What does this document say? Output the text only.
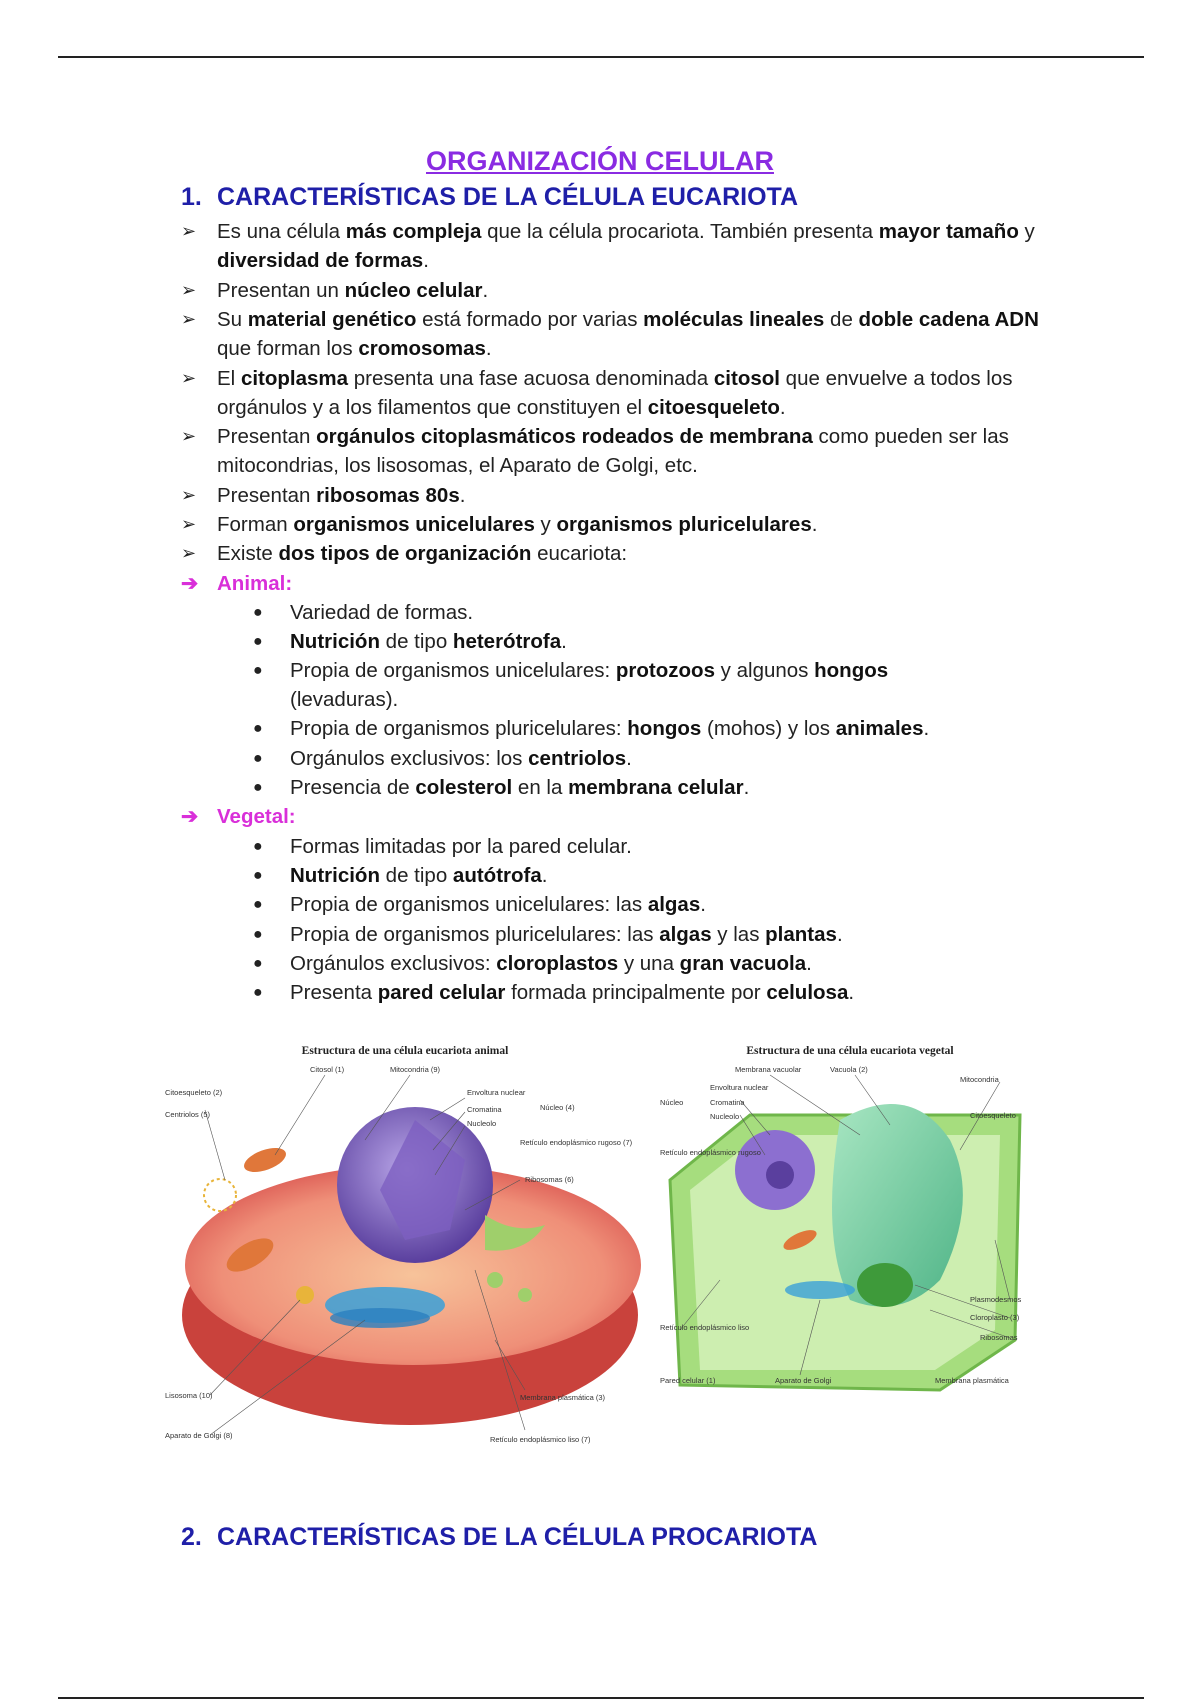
ORGANIZACIÓN CELULAR
1. CARACTERÍSTICAS DE LA CÉLULA EUCARIOTA
➢	Es una célula más compleja que la célula procariota. También presenta mayor tamaño y diversidad de formas.
➢	Presentan un núcleo celular.
➢	Su material genético está formado por varias moléculas lineales de doble cadena ADN que forman los cromosomas.
➢	El citoplasma presenta una fase acuosa denominada citosol que envuelve a todos los orgánulos y a los filamentos que constituyen el citoesqueleto.
➢	Presentan orgánulos citoplasmáticos rodeados de membrana como pueden ser las mitocondrias, los lisosomas, el Aparato de Golgi, etc.
➢	Presentan ribosomas 80s.
➢	Forman organismos unicelulares y organismos pluricelulares.
➢	Existe dos tipos de organización eucariota:
➔ Animal:
● Variedad de formas.
● Nutrición de tipo heterótrofa.
● Propia de organismos unicelulares: protozoos y algunos hongos (levaduras).
● Propia de organismos pluricelulares: hongos (mohos) y los animales.
● Orgánulos exclusivos: los centriolos.
● Presencia de colesterol en la membrana celular.
➔ Vegetal:
● Formas limitadas por la pared celular.
● Nutrición de tipo autótrofa.
● Propia de organismos unicelulares: las algas.
● Propia de organismos pluricelulares: las algas y las plantas.
● Orgánulos exclusivos: cloroplastos y una gran vacuola.
● Presenta pared celular formada principalmente por celulosa.
Estructura de una célula eucariota animal
Citosol (1)	Mitocondria (9)
Citoesqueleto (2)
Centriolos (5)
Envoltura nuclear
Cromatina
Nucleolo
Núcleo (4)
Retículo endoplásmico rugoso (7)
Ribosomas (6)
Lisosoma (10)
Aparato de Golgi (8)
Membrana plasmática (3)
Retículo endoplásmico liso (7)
Estructura de una célula eucariota vegetal
Membrana vacuolar	Vacuola (2)
Mitocondria
Envoltura nuclear
Núcleo	Cromatina
Nucleolo	Citoesqueleto
Retículo endoplásmico rugoso
Plasmodesmos
Cloroplasto (3)
Ribosomas
Retículo endoplásmico liso
Pared celular (1)	Aparato de Golgi	Membrana plasmática
2. CARACTERÍSTICAS DE LA CÉLULA PROCARIOTA
